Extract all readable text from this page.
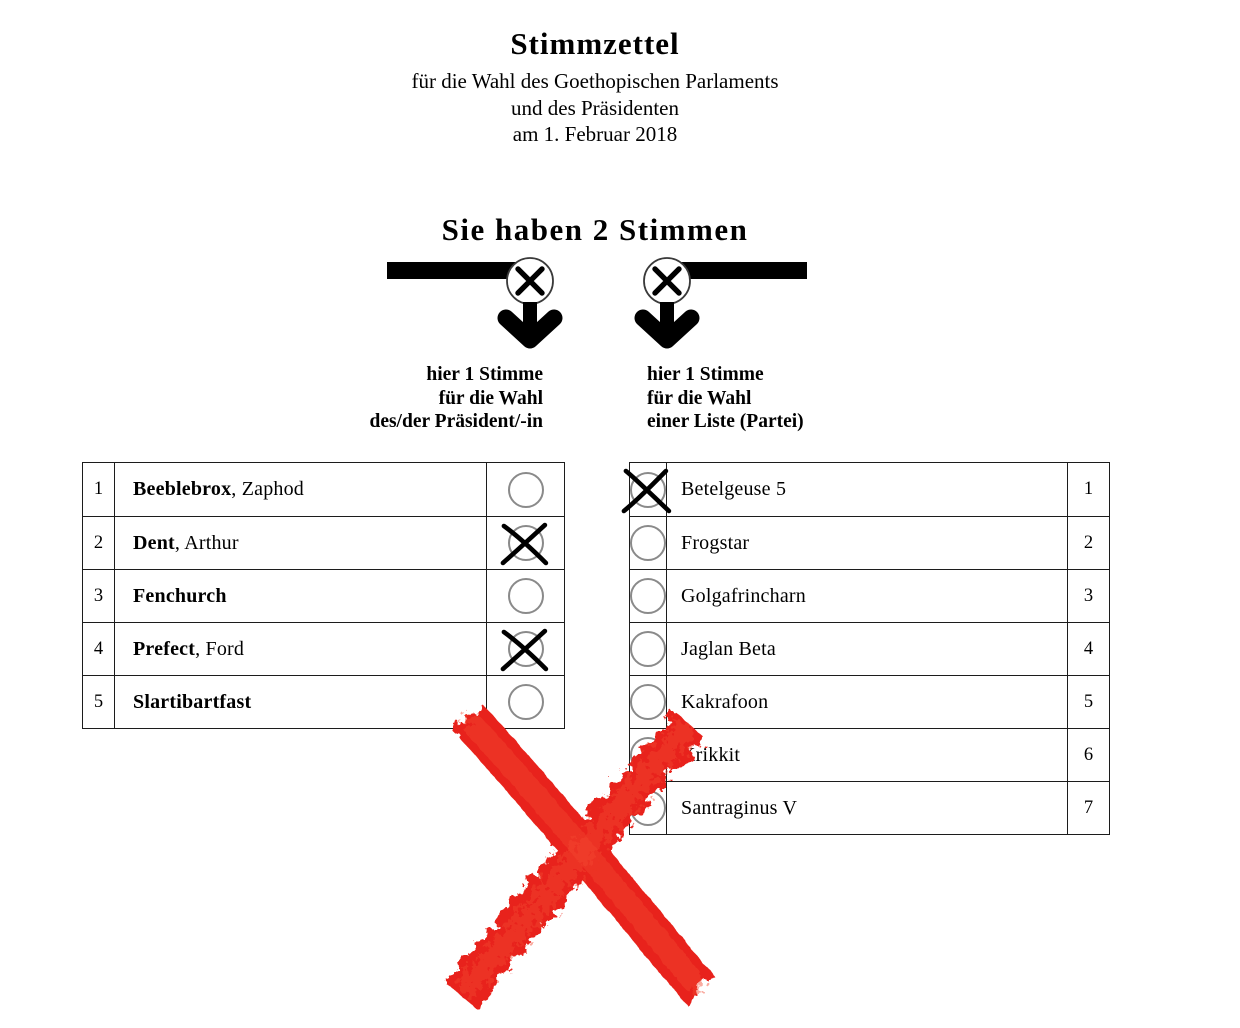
Stimmzettel
für die Wahl des Goethopischen Parlaments
und des Präsidenten
am 1. Februar 2018
Sie haben 2 Stimmen
hier 1 Stimme
für die Wahl
des/der Präsident/-in
hier 1 Stimme
für die Wahl
einer Liste (Partei)
1 Beeblebrox , Zaphod
2 Dent , Arthur
3 Fenchurch
4 Prefect , Ford
5 Slartibartfast
Betelgeuse 5	1
Frogstar	2
Golgafrincharn	3
Jaglan Beta	4
Kakrafoon	5
Krikkit	6
Santraginus V	7
